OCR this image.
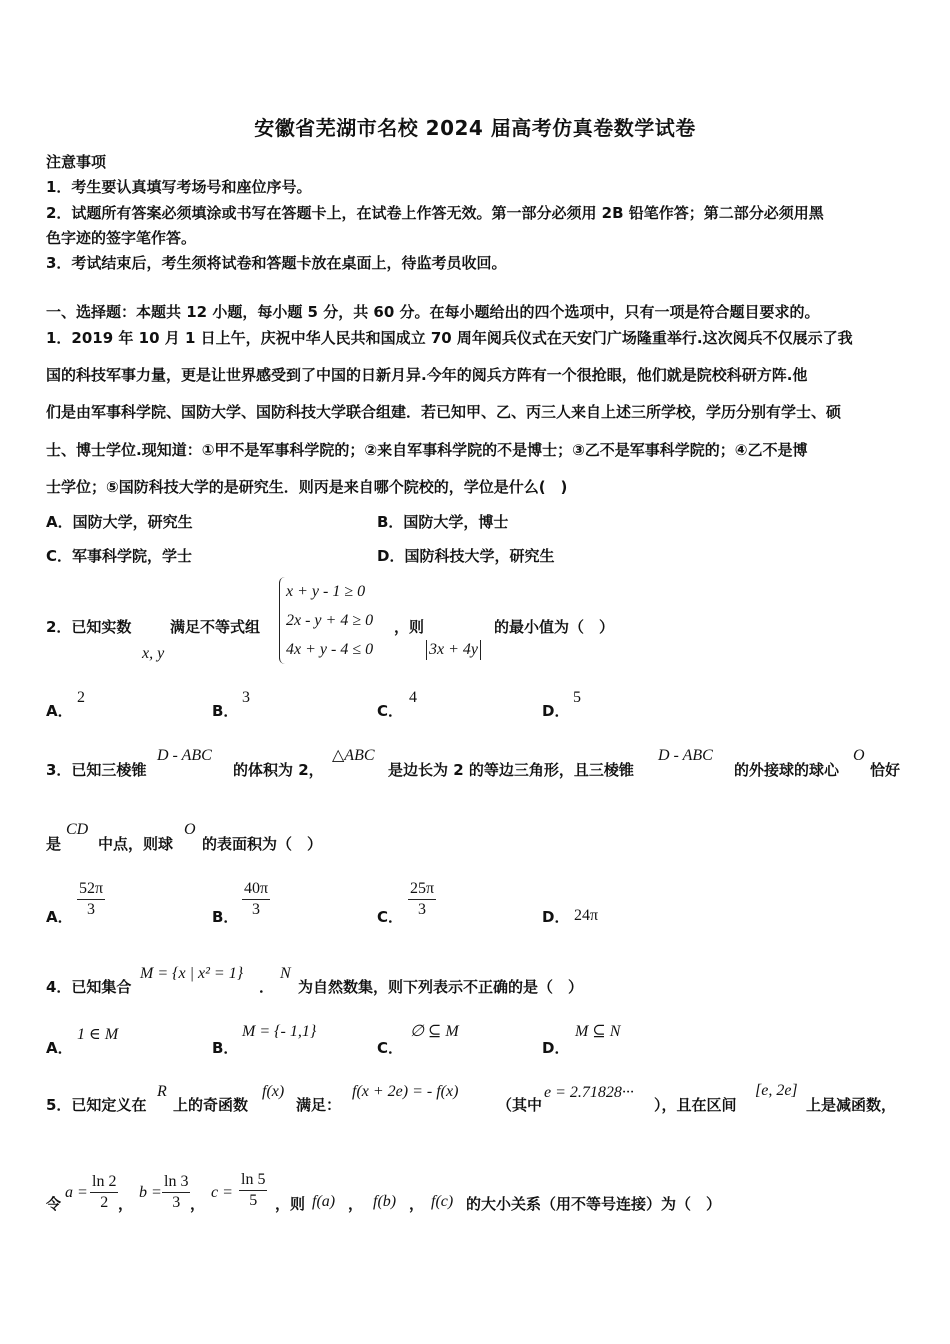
安徽省芜湖市名校 2024 届高考仿真卷数学试卷
注意事项
1．考生要认真填写考场号和座位序号。
2．试题所有答案必须填涂或书写在答题卡上，在试卷上作答无效。第一部分必须用 2B 铅笔作答；第二部分必须用黑
色字迹的签字笔作答。
3．考试结束后，考生须将试卷和答题卡放在桌面上，待监考员收回。
一、选择题：本题共 12 小题，每小题 5 分，共 60 分。在每小题给出的四个选项中，只有一项是符合题目要求的。
1．2019 年 10 月 1 日上午，庆祝中华人民共和国成立 70 周年阅兵仪式在天安门广场隆重举行.这次阅兵不仅展示了我
国的科技军事力量，更是让世界感受到了中国的日新月异.今年的阅兵方阵有一个很抢眼，他们就是院校科研方阵.他
们是由军事科学院、国防大学、国防科技大学联合组建．若已知甲、乙、丙三人来自上述三所学校，学历分别有学士、硕
士、博士学位.现知道：①甲不是军事科学院的；②来自军事科学院的不是博士；③乙不是军事科学院的；④乙不是博
士学位；⑤国防科技大学的是研究生．则丙是来自哪个院校的，学位是什么(　)
A．国防大学，研究生	B．国防大学，博士
C．军事科学院，学士	D．国防科技大学，研究生
2．已知实数
x, y
满足不等式组
x + y - 1 ≥ 0
2x - y + 4 ≥ 0
4x + y - 4 ≤ 0
，则
3x + 4y
的最小值为（　）
A．
2
B．
3
C．
4
D．
5
3．已知三棱锥
D - ABC
的体积为 2，
△ABC
是边长为 2 的等边三角形，且三棱锥
D - ABC
的外接球的球心
O
恰好
是
CD
中点，则球
O
的表面积为（　）
A． $\frac{52\pi}{3}$	B． $\frac{40\pi}{3}$	C． $\frac{25\pi}{3}$	D． 24π
4．已知集合
M = {x | x² = 1}
．
N
为自然数集，则下列表示不正确的是（　）
A．
1 ∈ M
B．
M = {- 1,1}
C．
∅ ⊆ M
D．
M ⊆ N
5．已知定义在
R
上的奇函数
f(x)
满足：
f(x + 2e) = - f(x)
（其中
e = 2.71828···
），且在区间
[e, 2e]
上是减函数，
令
$a = \frac{\ln 2}{2}$ ，
$b = \frac{\ln 3}{3}$ ，
$c = \frac{\ln 5}{5}$ ，则 f(a) ， f(b) ， f(c) 的大小关系（用不等号连接）为（　）
